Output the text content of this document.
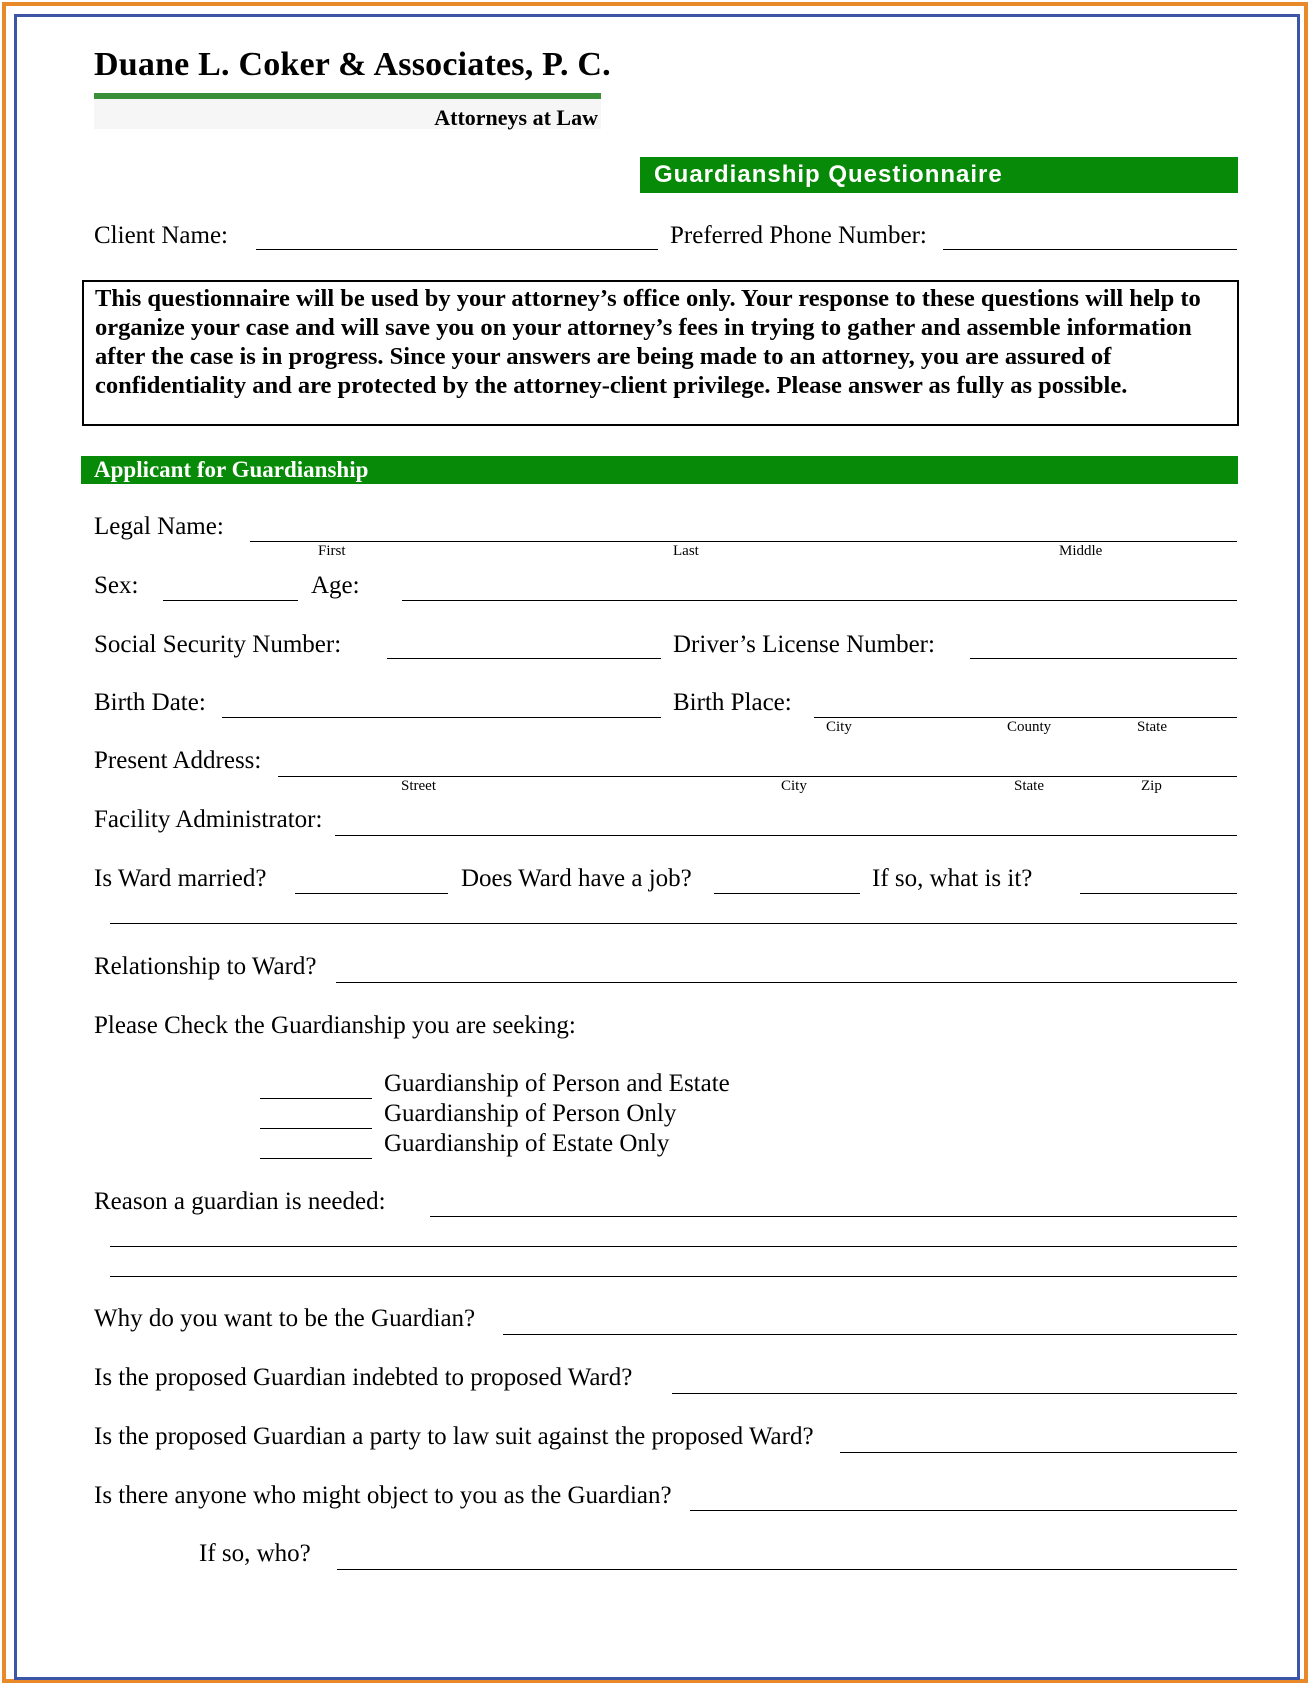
Duane L. Coker & Associates, P. C.
Attorneys at Law
Guardianship Questionnaire
Client Name:	Preferred Phone Number:
This questionnaire will be used by your attorney’s office only. Your response to these questions will help to organize your case and will save you on your attorney’s fees in trying to gather and assemble information after the case is in progress. Since your answers are being made to an attorney, you are assured of confidentiality and are protected by the attorney-client privilege. Please answer as fully as possible.
Applicant for Guardianship
Legal Name:
First	Last	Middle
Sex:	Age:
Social Security Number:	Driver’s License Number:
Birth Date:	Birth Place:
City	County	State
Present Address:
Street	City	State	Zip
Facility Administrator:
Is Ward married?	Does Ward have a job?	If so, what is it?
Relationship to Ward?
Please Check the Guardianship you are seeking:
Guardianship of Person and Estate
Guardianship of Person Only
Guardianship of Estate Only
Reason a guardian is needed:
Why do you want to be the Guardian?
Is the proposed Guardian indebted to proposed Ward?
Is the proposed Guardian a party to law suit against the proposed Ward?
Is there anyone who might object to you as the Guardian?
If so, who?
